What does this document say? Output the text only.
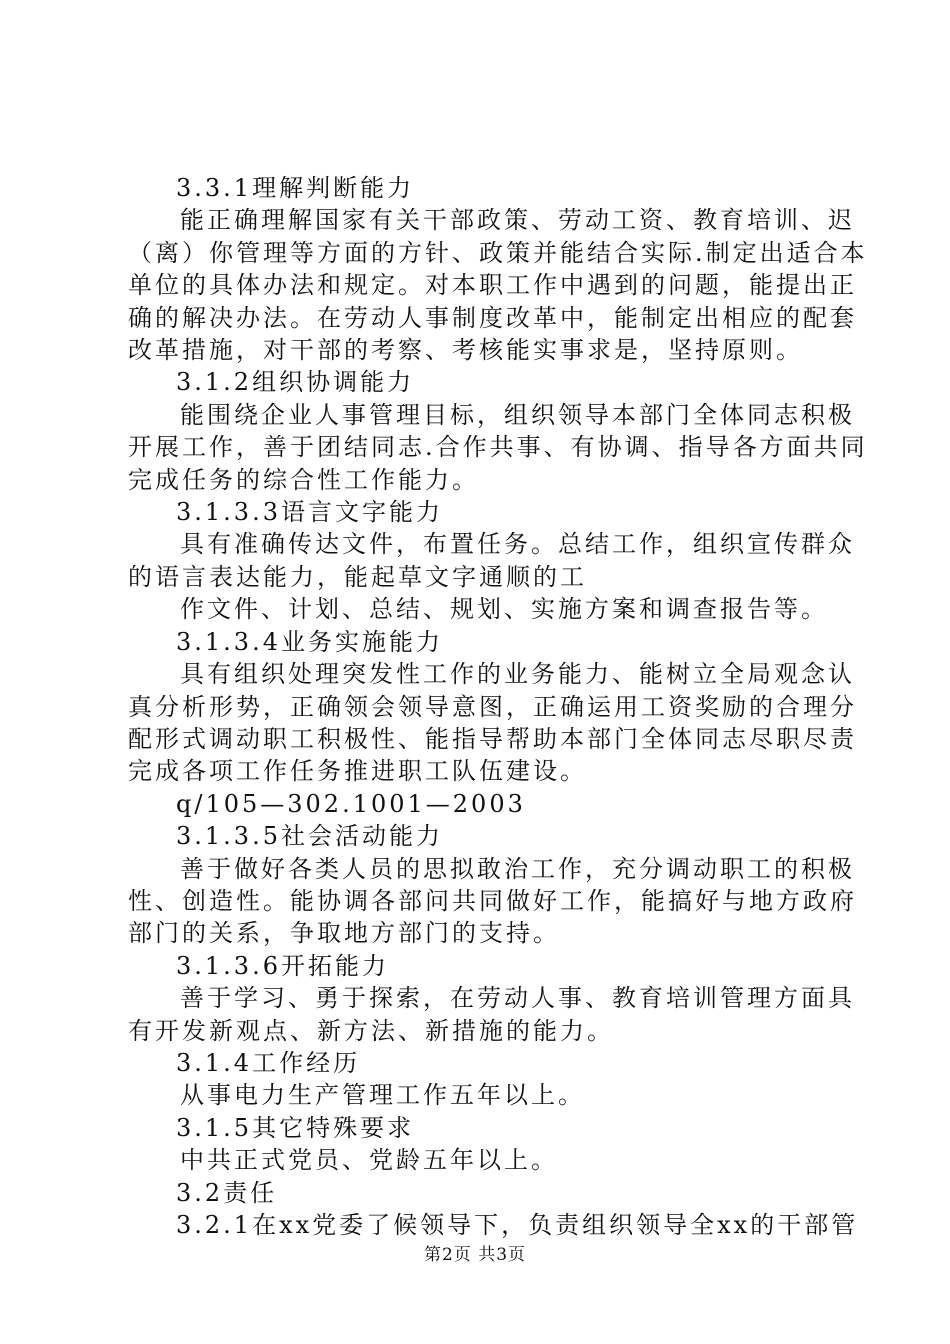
3.3.1理解判断能力
能正确理解国家有关干部政策、劳动工资、教育培训、迟
（离）你管理等方面的方针、政策并能结合实际.制定出适合本
单位的具体办法和规定。对本职工作中遇到的问题，能提出正
确的解决办法。在劳动人事制度改革中，能制定出相应的配套
改革措施，对干部的考察、考核能实事求是，坚持原则。
3.1.2组织协调能力
能围绕企业人事管理目标，组织领导本部门全体同志积极
开展工作，善于团结同志.合作共事、有协调、指导各方面共同
完成任务的综合性工作能力。
3.1.3.3语言文字能力
具有准确传达文件，布置任务。总结工作，组织宣传群众
的语言表达能力，能起草文字通顺的工
作文件、计划、总结、规划、实施方案和调查报告等。
3.1.3.4业务实施能力
具有组织处理突发性工作的业务能力、能树立全局观念认
真分析形势，正确领会领导意图，正确运用工资奖励的合理分
配形式调动职工积极性、能指导帮助本部门全体同志尽职尽责
完成各项工作任务推进职工队伍建设。
q/105—302.1001—2003
3.1.3.5社会活动能力
善于做好各类人员的思拟敢治工作，充分调动职工的积极
性、创造性。能协调各部问共同做好工作，能搞好与地方政府
部门的关系，争取地方部门的支持。
3.1.3.6开拓能力
善于学习、勇于探索，在劳动人事、教育培训管理方面具
有开发新观点、新方法、新措施的能力。
3.1.4工作经历
从事电力生产管理工作五年以上。
3.1.5其它特殊要求
中共正式党员、党龄五年以上。
3.2责任
3.2.1在xx党委了候领导下，负责组织领导全xx的干部管
第2页 共3页
